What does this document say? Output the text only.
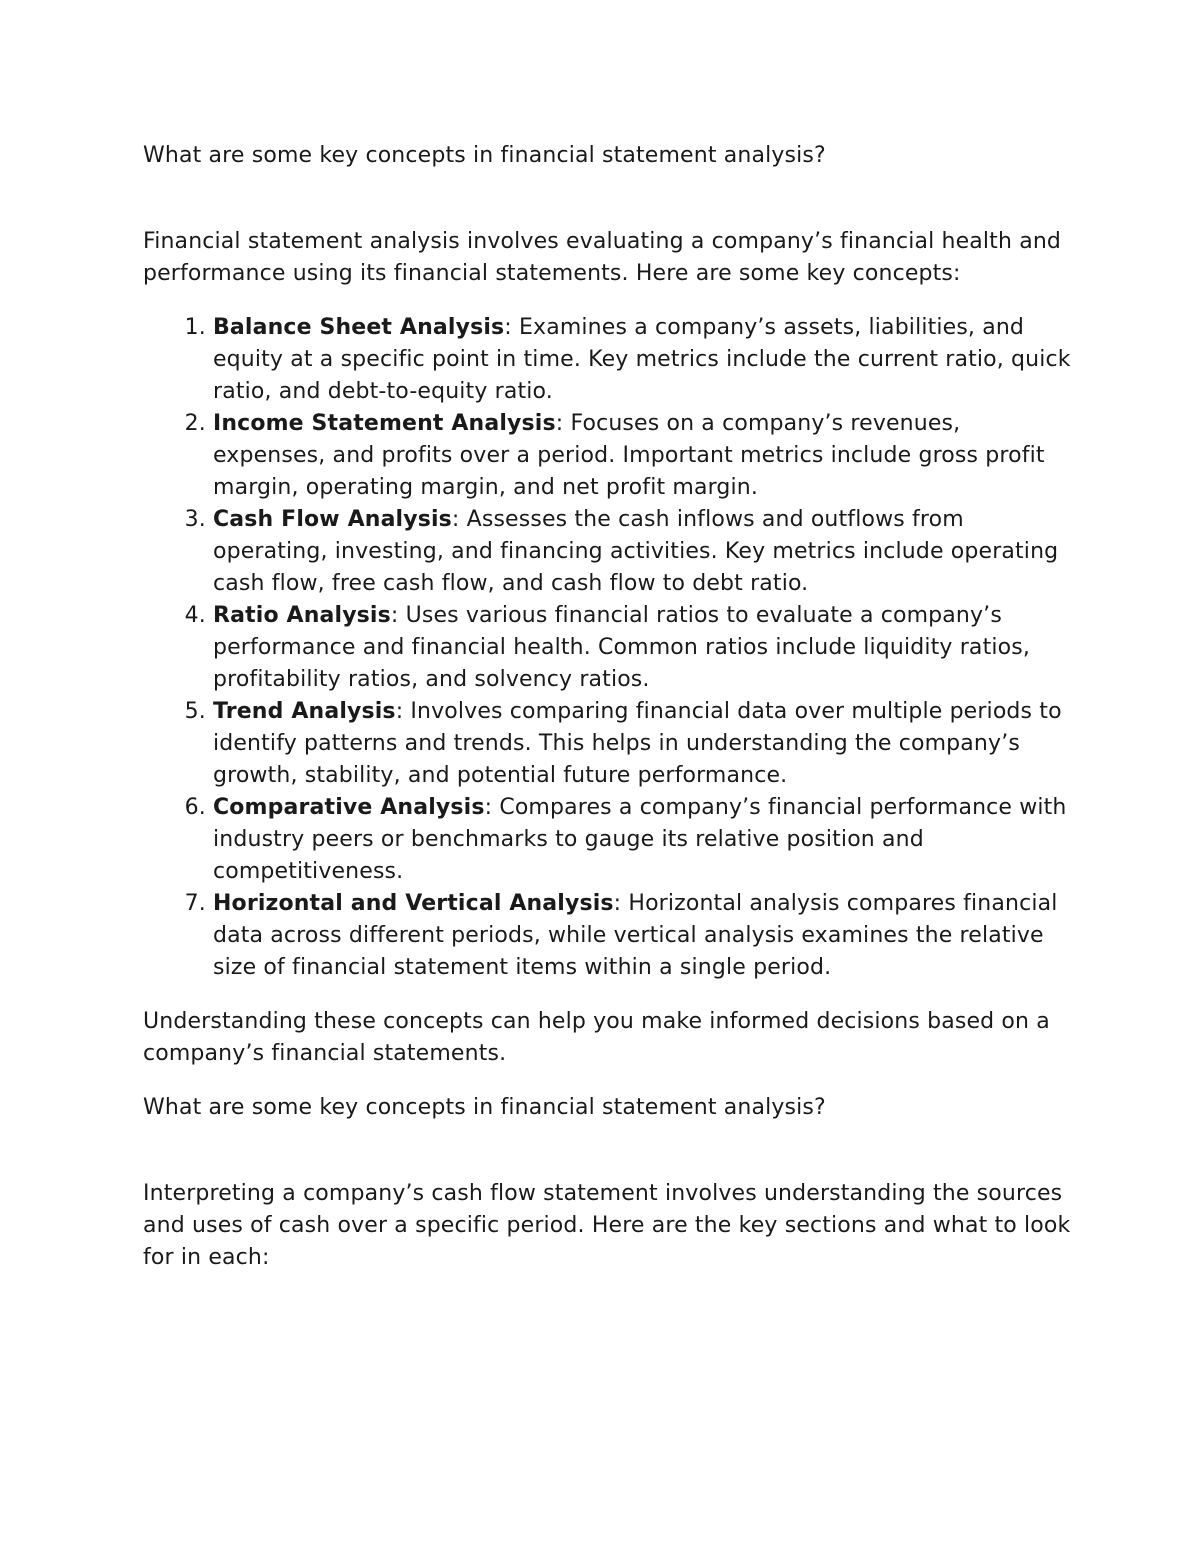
What are some key concepts in financial statement analysis?

Financial statement analysis involves evaluating a company’s financial health and performance using its financial statements. Here are some key concepts:

1. Balance Sheet Analysis: Examines a company’s assets, liabilities, and equity at a specific point in time. Key metrics include the current ratio, quick ratio, and debt-to-equity ratio.
2. Income Statement Analysis: Focuses on a company’s revenues, expenses, and profits over a period. Important metrics include gross profit margin, operating margin, and net profit margin.
3. Cash Flow Analysis: Assesses the cash inflows and outflows from operating, investing, and financing activities. Key metrics include operating cash flow, free cash flow, and cash flow to debt ratio.
4. Ratio Analysis: Uses various financial ratios to evaluate a company’s performance and financial health. Common ratios include liquidity ratios, profitability ratios, and solvency ratios.
5. Trend Analysis: Involves comparing financial data over multiple periods to identify patterns and trends. This helps in understanding the company’s growth, stability, and potential future performance.
6. Comparative Analysis: Compares a company’s financial performance with industry peers or benchmarks to gauge its relative position and competitiveness.
7. Horizontal and Vertical Analysis: Horizontal analysis compares financial data across different periods, while vertical analysis examines the relative size of financial statement items within a single period.

Understanding these concepts can help you make informed decisions based on a company’s financial statements.

What are some key concepts in financial statement analysis?

Interpreting a company’s cash flow statement involves understanding the sources and uses of cash over a specific period. Here are the key sections and what to look for in each:
